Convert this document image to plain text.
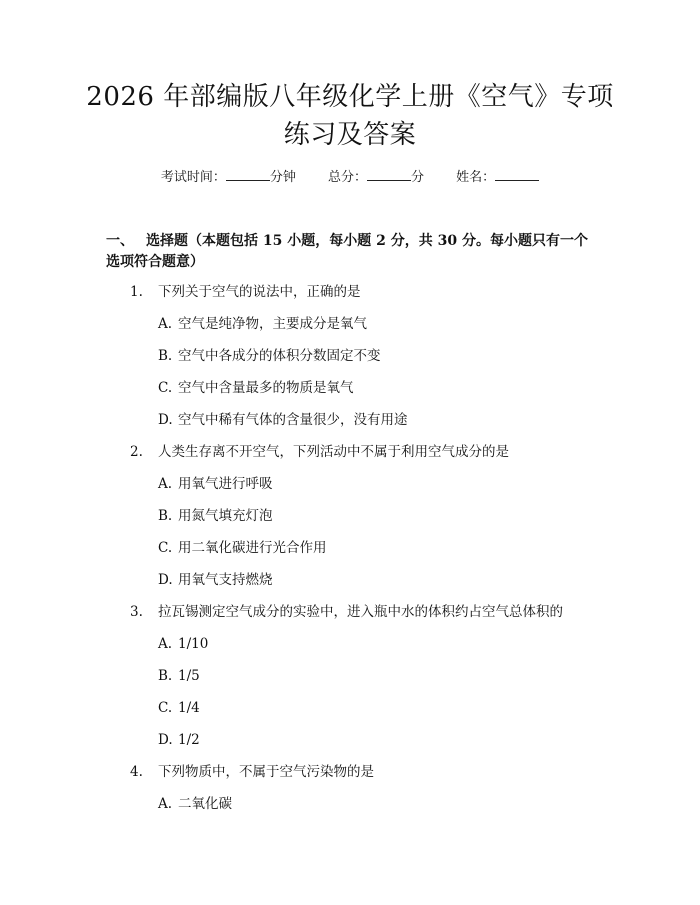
2026 年部编版八年级化学上册《空气》专项
练习及答案
考试时间：	分钟 总分：	分 姓名：
一、 选择题（本题包括 15 小题，每小题 2 分，共 30 分。每小题只有一个选项符合题意）
1. 下列关于空气的说法中，正确的是
A. 空气是纯净物，主要成分是氧气
B. 空气中各成分的体积分数固定不变
C. 空气中含量最多的物质是氧气
D. 空气中稀有气体的含量很少，没有用途
2. 人类生存离不开空气，下列活动中不属于利用空气成分的是
A. 用氧气进行呼吸
B. 用氮气填充灯泡
C. 用二氧化碳进行光合作用
D. 用氧气支持燃烧
3. 拉瓦锡测定空气成分的实验中，进入瓶中水的体积约占空气总体积的
A. 1/10
B. 1/5
C. 1/4
D. 1/2
4. 下列物质中，不属于空气污染物的是
A. 二氧化碳
